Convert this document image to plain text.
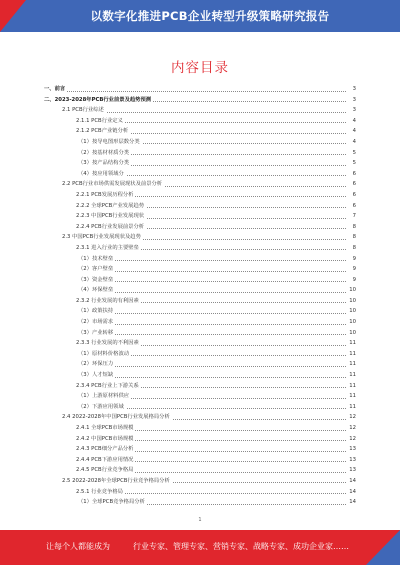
以数字化推进PCB企业转型升级策略研究报告
内容目录
一、前言	3
二、2023-2028年PCB行业前景及趋势预测	3
2.1 PCB行业综述	3
2.1.1 PCB行业定义	4
2.1.2 PCB产业链分析	4
（1）按导电图形层数分类	4
（2）按基材材质分类	5
（3）按产品结构分类	5
（4）按应用领域分	6
2.2 PCB行业市场供需发展现状及前景分析	6
2.2.1 PCB发展历程分析	6
2.2.2 全球PCB产业发展趋势	6
2.2.3 中国PCB行业发展现状	7
2.2.4 PCB行业发展前景分析	8
2.3 中国PCB行业发展现状及趋势	8
2.3.1 进入行业的主要壁垒	8
（1）技术壁垒	9
（2）客户壁垒	9
（3）资金壁垒	9
（4）环保壁垒	10
2.3.2 行业发展的有利因素	10
（1）政策扶持	10
（2）市场需求	10
（3）产业转移	10
2.3.3 行业发展的不利因素	11
（1）原材料价格波动	11
（2）环保压力	11
（3）人才短缺	11
2.3.4 PCB行业上下游关系	11
（1）上游原材料供应	11
（2）下游应用领域	11
2.4 2022-2028年中国PCB行业发展格局分析	12
2.4.1 全球PCB市场规模	12
2.4.2 中国PCB市场规模	12
2.4.3 PCB细分产品分析	13
2.4.4 PCB下游应用情况	13
2.4.5 PCB行业竞争格局	13
2.5 2022-2028年全球PCB行业竞争格局分析	14
2.5.1 行业竞争格局	14
（1）全球PCB竞争格局分析	14
1
让每个人都能成为	行业专家、管理专家、营销专家、战略专家、成功企业家……
